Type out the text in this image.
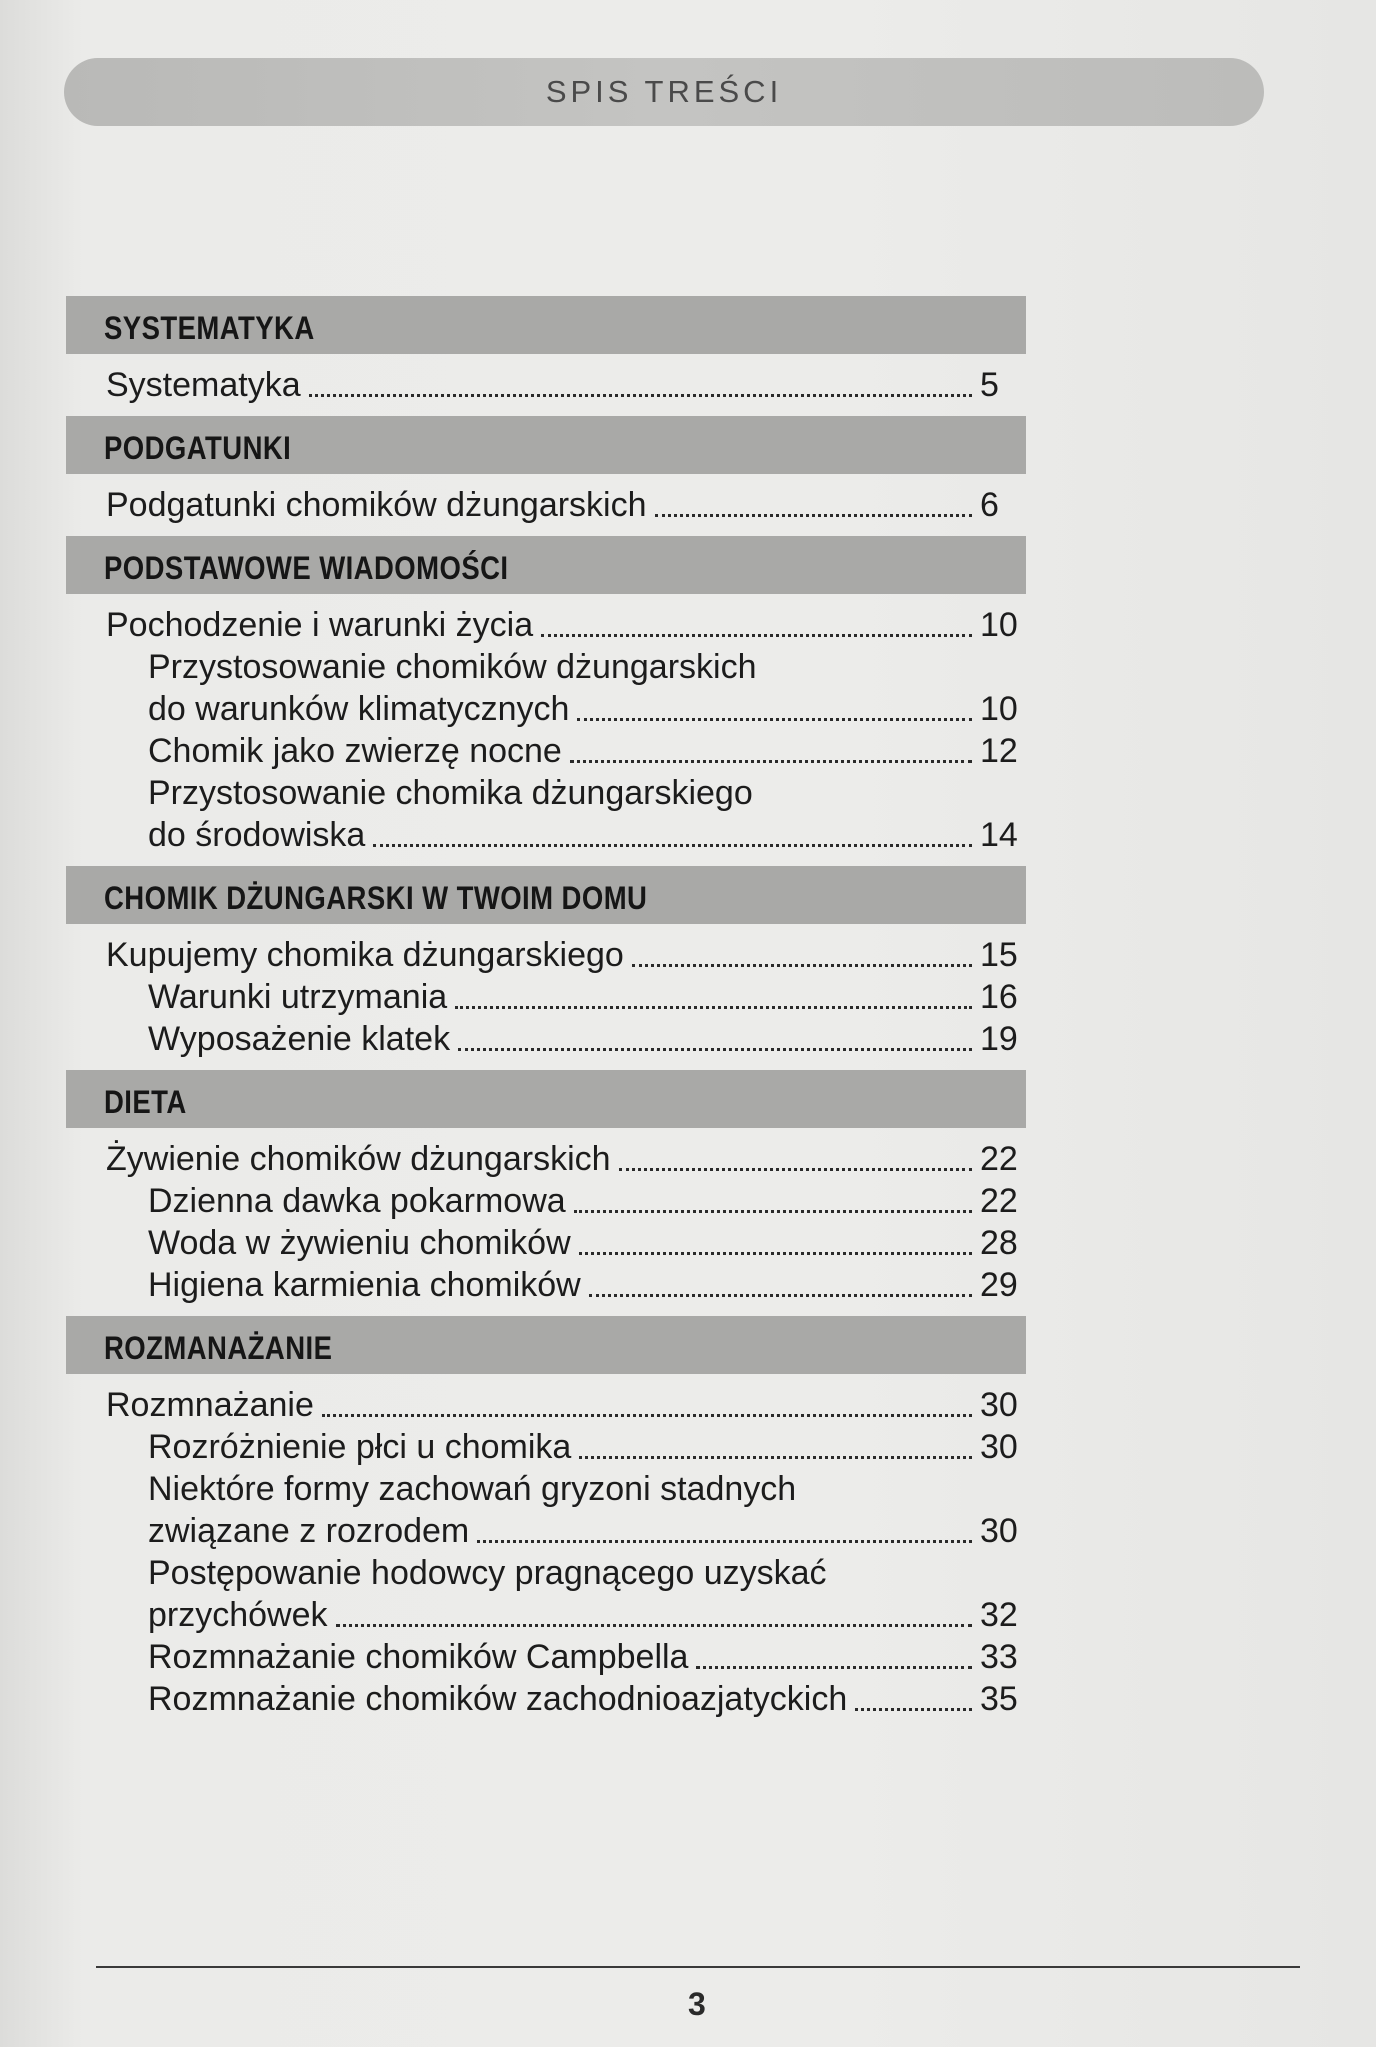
SPIS TREŚCI
SYSTEMATYKA
Systematyka	5
PODGATUNKI
Podgatunki chomików dżungarskich	6
PODSTAWOWE WIADOMOŚCI
Pochodzenie i warunki życia	10
Przystosowanie chomików dżungarskich
do warunków klimatycznych	10
Chomik jako zwierzę nocne	12
Przystosowanie chomika dżungarskiego
do środowiska	14
CHOMIK DŻUNGARSKI W TWOIM DOMU
Kupujemy chomika dżungarskiego	15
Warunki utrzymania	16
Wyposażenie klatek	19
DIETA
Żywienie chomików dżungarskich	22
Dzienna dawka pokarmowa	22
Woda w żywieniu chomików	28
Higiena karmienia chomików	29
ROZMANAŻANIE
Rozmnażanie	30
Rozróżnienie płci u chomika	30
Niektóre formy zachowań gryzoni stadnych
związane z rozrodem	30
Postępowanie hodowcy pragnącego uzyskać
przychówek	32
Rozmnażanie chomików Campbella	33
Rozmnażanie chomików zachodnioazjatyckich	35
3
